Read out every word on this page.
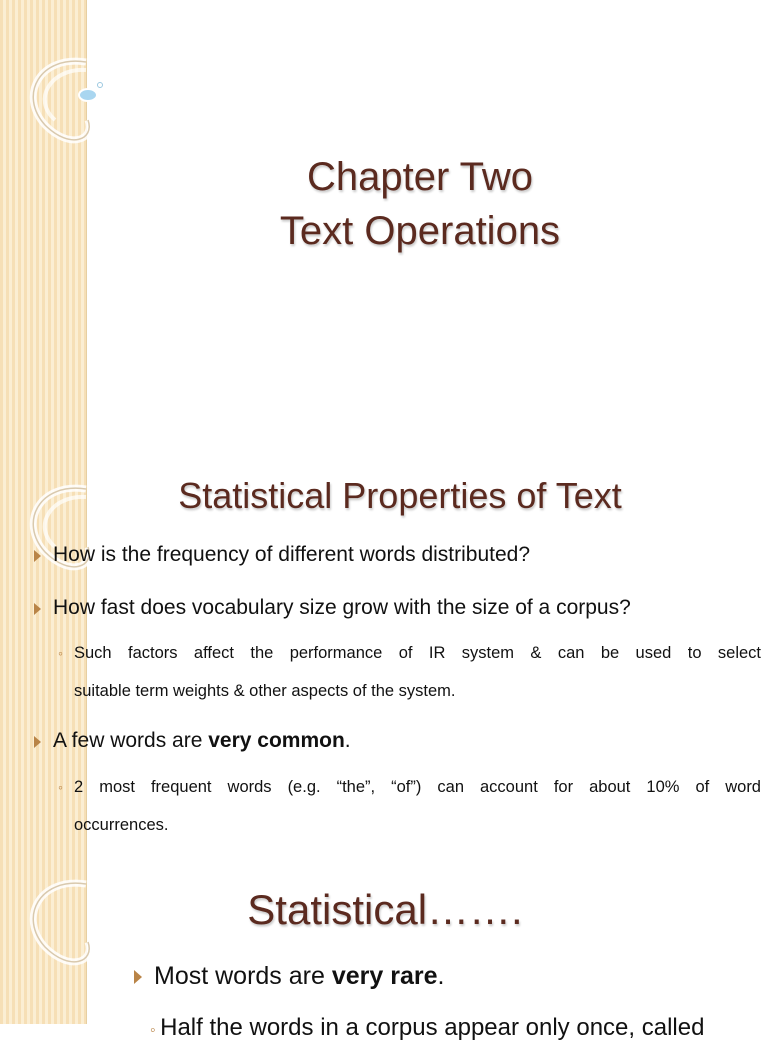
Chapter Two
Text Operations
Statistical Properties of Text
How is the frequency of different words distributed?
How fast does vocabulary size grow with the size of a corpus?
◦ Such factors affect the performance of IR system & can be used to select
suitable term weights & other aspects of the system.
A few words are very common.
◦ 2 most frequent words (e.g. “the”, “of”) can account for about 10% of word
occurrences.
Statistical…….
Most words are very rare.
◦ Half the words in a corpus appear only once, called
